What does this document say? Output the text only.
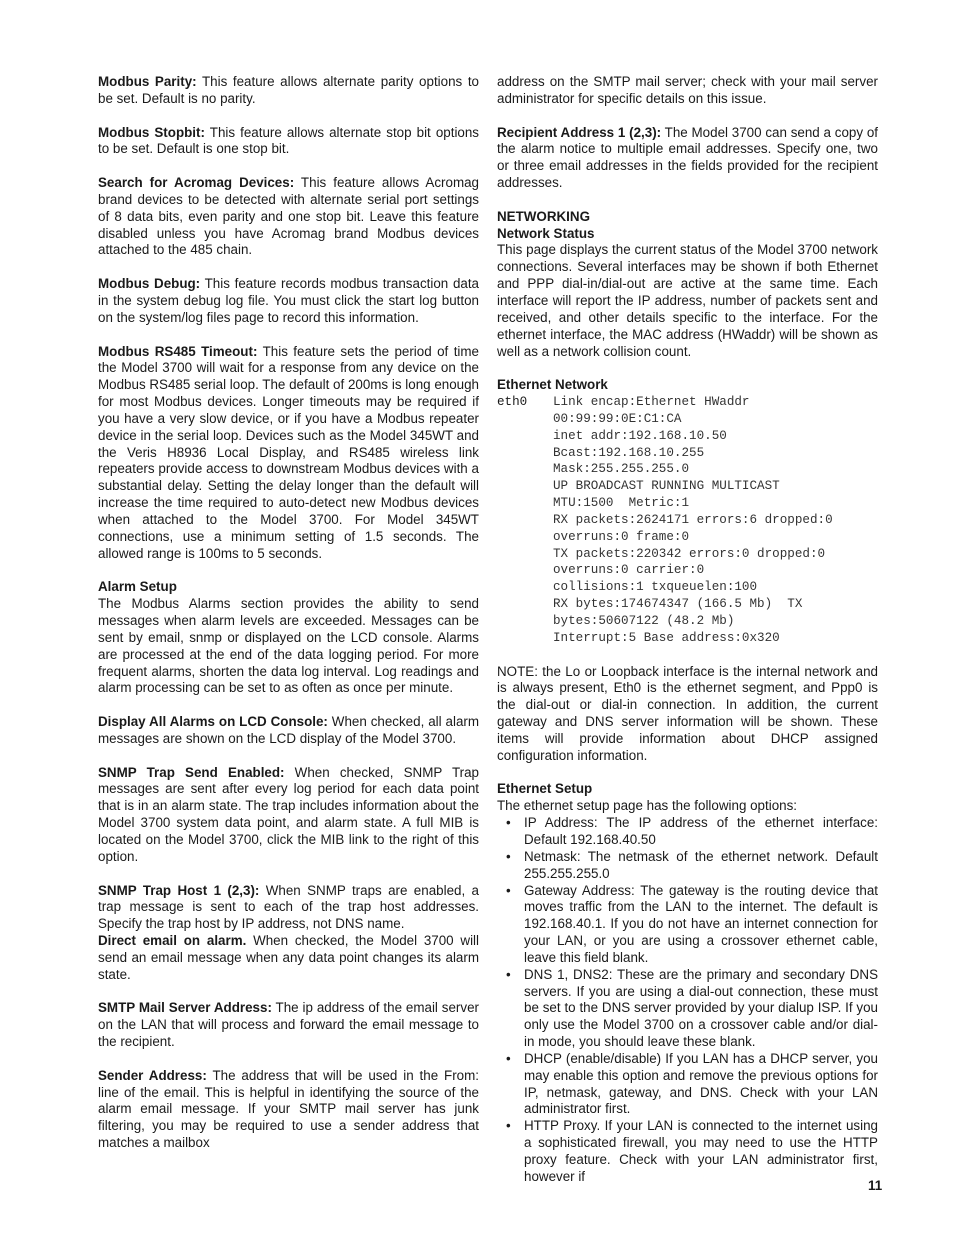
Modbus Parity: This feature allows alternate parity options to be set. Default is no parity.

Modbus Stopbit: This feature allows alternate stop bit options to be set. Default is one stop bit.

Search for Acromag Devices: This feature allows Acromag brand devices to be detected with alternate serial port settings of 8 data bits, even parity and one stop bit. Leave this feature disabled unless you have Acromag brand Modbus devices attached to the 485 chain.

Modbus Debug: This feature records modbus transaction data in the system debug log file. You must click the start log button on the system/log files page to record this information.

Modbus RS485 Timeout: This feature sets the period of time the Model 3700 will wait for a response from any device on the Modbus RS485 serial loop. The default of 200ms is long enough for most Modbus devices. Longer timeouts may be required if you have a very slow device, or if you have a Modbus repeater device in the serial loop. Devices such as the Model 345WT and the Veris H8936 Local Display, and RS485 wireless link repeaters provide access to downstream Modbus devices with a substantial delay. Setting the delay longer than the default will increase the time required to auto-detect new Modbus devices when attached to the Model 3700. For Model 345WT connections, use a minimum setting of 1.5 seconds. The allowed range is 100ms to 5 seconds.

Alarm Setup

The Modbus Alarms section provides the ability to send messages when alarm levels are exceeded. Messages can be sent by email, snmp or displayed on the LCD console. Alarms are processed at the end of the data logging period. For more frequent alarms, shorten the data log interval. Log readings and alarm processing can be set to as often as once per minute.

Display All Alarms on LCD Console: When checked, all alarm messages are shown on the LCD display of the Model 3700.

SNMP Trap Send Enabled: When checked, SNMP Trap messages are sent after every log period for each data point that is in an alarm state. The trap includes information about the Model 3700 system data point, and alarm state. A full MIB is located on the Model 3700, click the MIB link to the right of this option.

SNMP Trap Host 1 (2,3): When SNMP traps are enabled, a trap message is sent to each of the trap host addresses. Specify the trap host by IP address, not DNS name.

Direct email on alarm. When checked, the Model 3700 will send an email message when any data point changes its alarm state.

SMTP Mail Server Address: The ip address of the email server on the LAN that will process and forward the email message to the recipient.

Sender Address: The address that will be used in the From: line of the email. This is helpful in identifying the source of the alarm email message. If your SMTP mail server has junk filtering, you may be required to use a sender address that matches a mailbox

address on the SMTP mail server; check with your mail server administrator for specific details on this issue.

Recipient Address 1 (2,3): The Model 3700 can send a copy of the alarm notice to multiple email addresses. Specify one, two or three email addresses in the fields provided for the recipient addresses.

NETWORKING

Network Status

This page displays the current status of the Model 3700 network connections. Several interfaces may be shown if both Ethernet and PPP dial-in/dial-out are active at the same time. Each interface will report the IP address, number of packets sent and received, and other details specific to the interface. For the ethernet interface, the MAC address (HWaddr) will be shown as well as a network collision count.

Ethernet Network

eth0	Link encap:Ethernet HWaddr
00:99:99:0E:C1:CA
inet addr:192.168.10.50
Bcast:192.168.10.255
Mask:255.255.255.0
UP BROADCAST RUNNING MULTICAST
MTU:1500  Metric:1
RX packets:2624171 errors:6 dropped:0
overruns:0 frame:0
TX packets:220342 errors:0 dropped:0
overruns:0 carrier:0
collisions:1 txqueuelen:100
RX bytes:174674347 (166.5 Mb)  TX
bytes:50607122 (48.2 Mb)
Interrupt:5 Base address:0x320

NOTE: the Lo or Loopback interface is the internal network and is always present, Eth0 is the ethernet segment, and Ppp0 is the dial-out or dial-in connection. In addition, the current gateway and DNS server information will be shown. These items will provide information about DHCP assigned configuration information.

Ethernet Setup

The ethernet setup page has the following options:
• IP Address: The IP address of the ethernet interface: Default 192.168.40.50
• Netmask: The netmask of the ethernet network. Default 255.255.255.0
• Gateway Address: The gateway is the routing device that moves traffic from the LAN to the internet. The default is 192.168.40.1. If you do not have an internet connection for your LAN, or you are using a crossover ethernet cable, leave this field blank.
• DNS 1, DNS2: These are the primary and secondary DNS servers. If you are using a dial-out connection, these must be set to the DNS server provided by your dialup ISP. If you only use the Model 3700 on a crossover cable and/or dial-in mode, you should leave these blank.
• DHCP (enable/disable) If you LAN has a DHCP server, you may enable this option and remove the previous options for IP, netmask, gateway, and DNS. Check with your LAN administrator first.
• HTTP Proxy. If your LAN is connected to the internet using a sophisticated firewall, you may need to use the HTTP proxy feature. Check with your LAN administrator first, however if
11
